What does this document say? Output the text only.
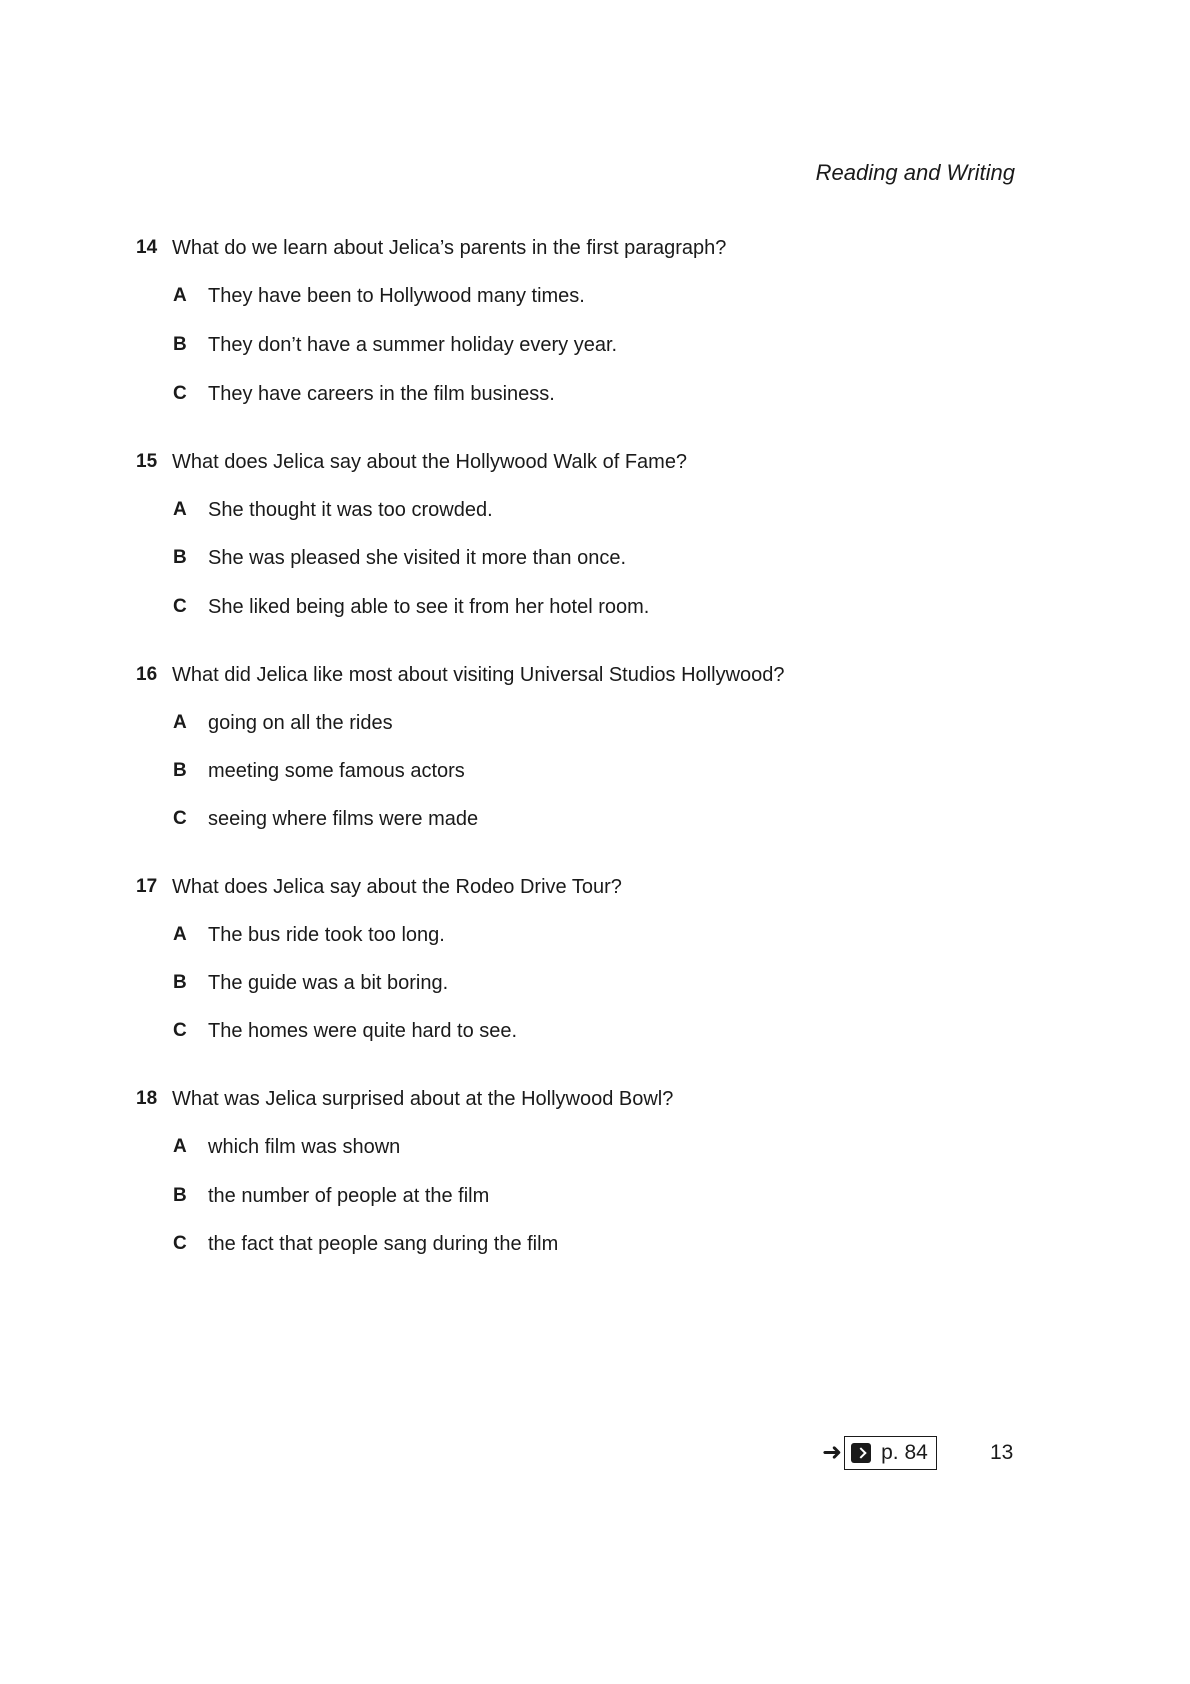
Reading and Writing
14 What do we learn about Jelica’s parents in the first paragraph?
A They have been to Hollywood many times.
B They don’t have a summer holiday every year.
C They have careers in the film business.
15 What does Jelica say about the Hollywood Walk of Fame?
A She thought it was too crowded.
B She was pleased she visited it more than once.
C She liked being able to see it from her hotel room.
16 What did Jelica like most about visiting Universal Studios Hollywood?
A going on all the rides
B meeting some famous actors
C seeing where films were made
17 What does Jelica say about the Rodeo Drive Tour?
A The bus ride took too long.
B The guide was a bit boring.
C The homes were quite hard to see.
18 What was Jelica surprised about at the Hollywood Bowl?
A which film was shown
B the number of people at the film
C the fact that people sang during the film
➜ p. 84	13
